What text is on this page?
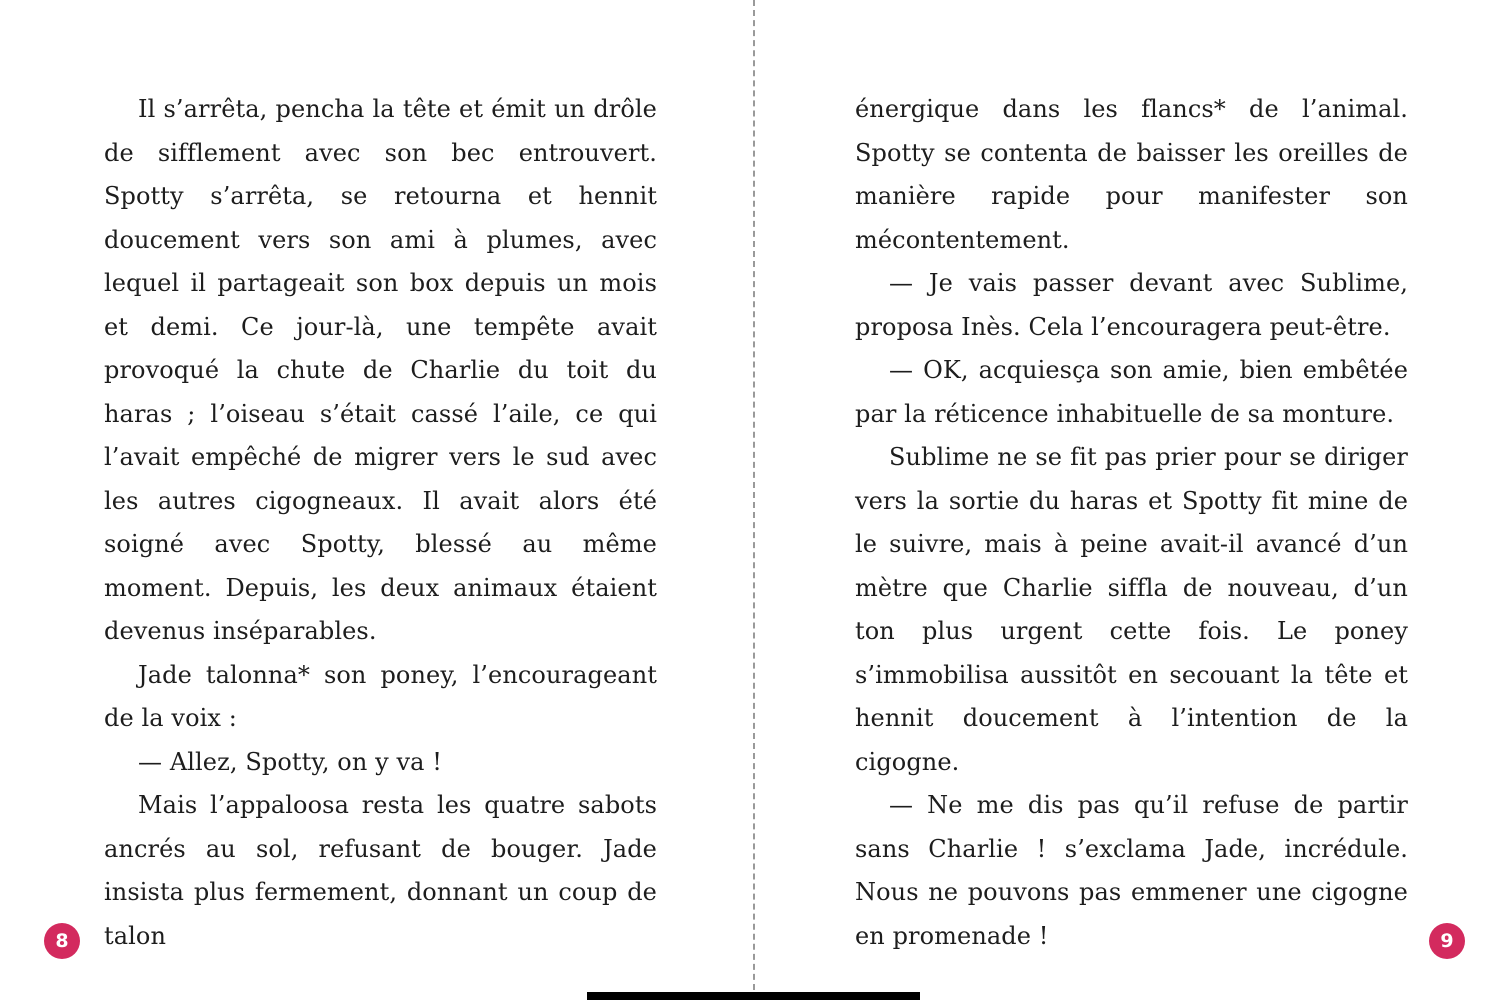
Il s’arrêta, pencha la tête et émit un drôle de sifflement avec son bec entrouvert. Spotty s’arrêta, se retourna et hennit doucement vers son ami à plumes, avec lequel il partageait son box depuis un mois et demi. Ce jour-là, une tempête avait provoqué la chute de Charlie du toit du haras ; l’oiseau s’était cassé l’aile, ce qui l’avait empêché de migrer vers le sud avec les autres cigogneaux. Il avait alors été soigné avec Spotty, blessé au même moment. Depuis, les deux animaux étaient devenus inséparables.

Jade talonna* son poney, l’encourageant de la voix :

— Allez, Spotty, on y va !

Mais l’appaloosa resta les quatre sabots ancrés au sol, refusant de bouger. Jade insista plus fermement, donnant un coup de talon

énergique dans les flancs* de l’animal. Spotty se contenta de baisser les oreilles de manière rapide pour manifester son mécontentement.

— Je vais passer devant avec Sublime, proposa Inès. Cela l’encouragera peut-être.

— OK, acquiesça son amie, bien embêtée par la réticence inhabituelle de sa monture.

Sublime ne se fit pas prier pour se diriger vers la sortie du haras et Spotty fit mine de le suivre, mais à peine avait-il avancé d’un mètre que Charlie siffla de nouveau, d’un ton plus urgent cette fois. Le poney s’immobilisa aussitôt en secouant la tête et hennit doucement à l’intention de la cigogne.

— Ne me dis pas qu’il refuse de partir sans Charlie ! s’exclama Jade, incrédule. Nous ne pouvons pas emmener une cigogne en promenade !

8	9
